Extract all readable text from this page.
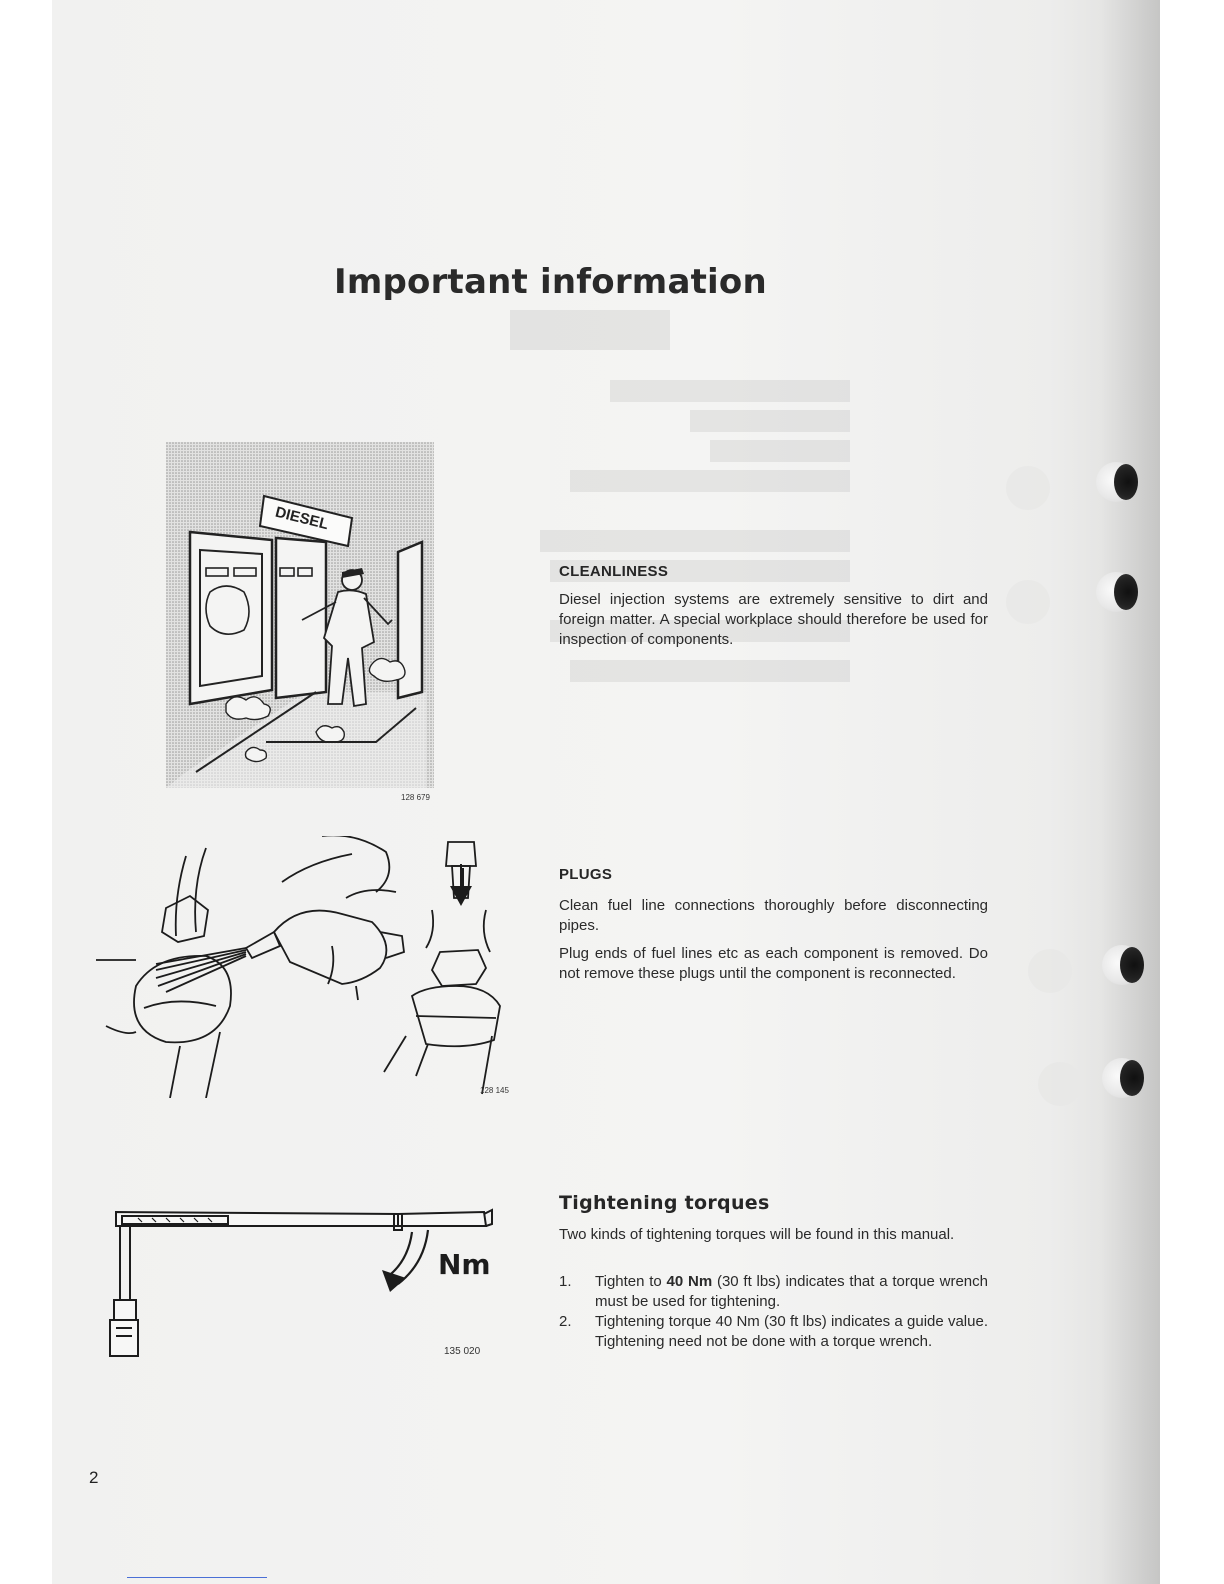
Important information
DIESEL
128 679
128 145
Nm
135 020
CLEANLINESS

Diesel injection systems are extremely sensitive to dirt and foreign matter. A special workplace should therefore be used for inspection of components.

PLUGS

Clean fuel line connections thoroughly before disconnecting pipes.

Plug ends of fuel lines etc as each component is removed. Do not remove these plugs until the component is reconnected.

Tightening torques

Two kinds of tightening torques will be found in this manual.

1. Tighten to 40 Nm (30 ft lbs) indicates that a torque wrench must be used for tightening.
2. Tightening torque 40 Nm (30 ft lbs) indicates a guide value. Tightening need not be done with a torque wrench.
2
